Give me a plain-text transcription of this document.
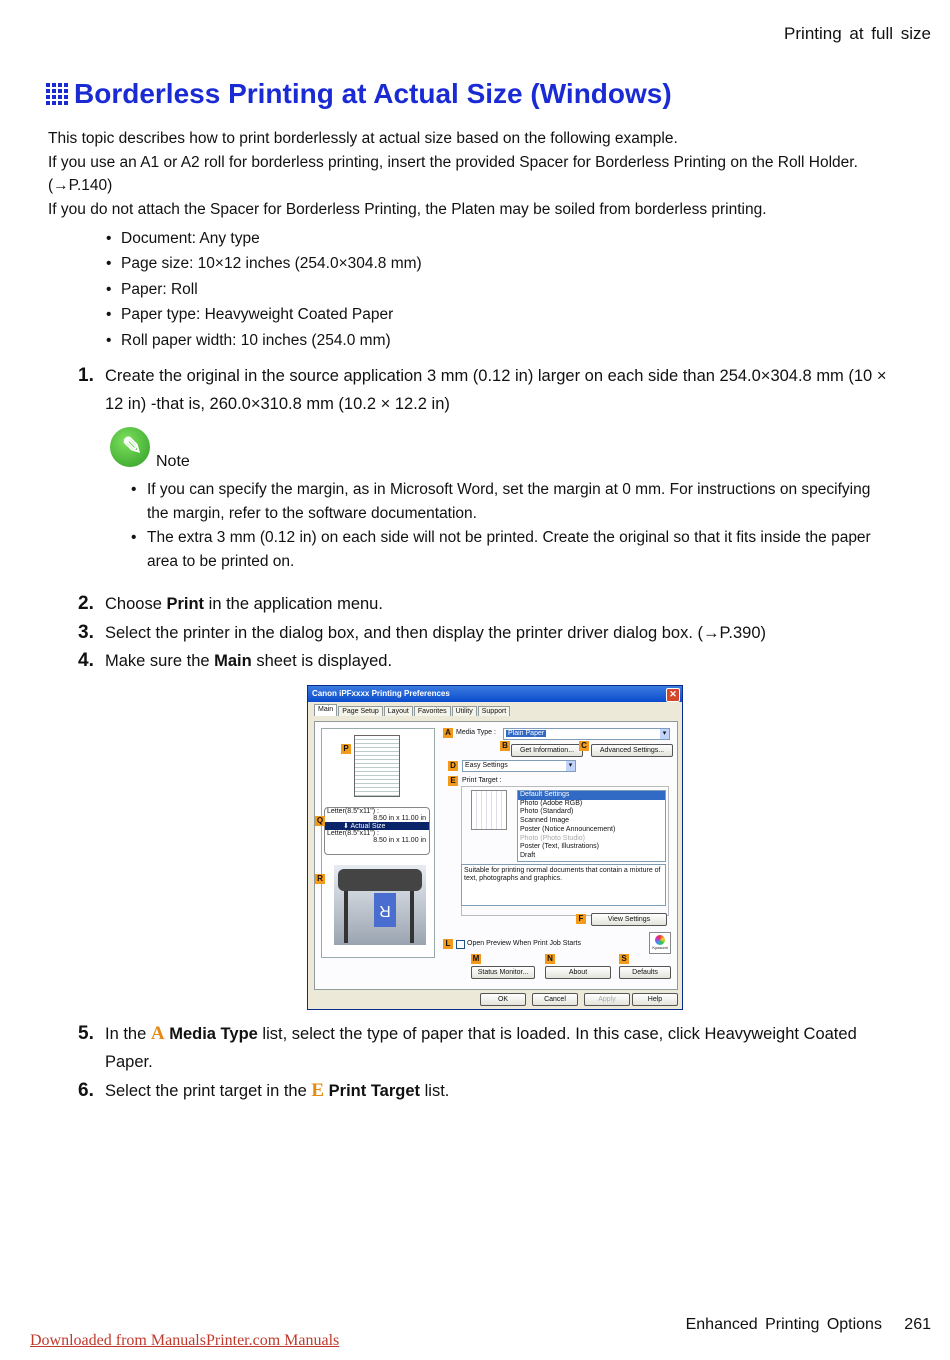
Printing at full size
Borderless Printing at Actual Size (Windows)

This topic describes how to print borderlessly at actual size based on the following example.

If you use an A1 or A2 roll for borderless printing, insert the provided Spacer for Borderless Printing on the Roll Holder. (→P.140)

If you do not attach the Spacer for Borderless Printing, the Platen may be soiled from borderless printing.

• Document: Any type
• Page size: 10×12 inches (254.0×304.8 mm)
• Paper: Roll
• Paper type: Heavyweight Coated Paper
• Roll paper width: 10 inches (254.0 mm)
1. Create the original in the source application 3 mm (0.12 in) larger on each side than 254.0×304.8 mm (10 × 12 in) -that is, 260.0×310.8 mm (10.2 × 12.2 in)
✎
Note
• If you can specify the margin, as in Microsoft Word, set the margin at 0 mm. For instructions on specifying the margin, refer to the software documentation.
• The extra 3 mm (0.12 in) on each side will not be printed. Create the original so that it fits inside the paper area to be printed on.
2. Choose Print in the application menu.
3. Select the printer in the dialog box, and then display the printer driver dialog box. (→P.390)
4. Make sure the Main sheet is displayed.
Canon iPFxxxx Printing Preferences	✕
Main	Page Setup	Layout	Favorites	Utility	Support
Letter(8.5"x11") :
8.50 in x 11.00 in
⬇ Actual Size
Letter(8.5"x11") :
8.50 in x 11.00 in
R
P
Q
R
A Media Type :	Plain Paper ▾
B
Get Information...
C
Advanced Settings...
D	Easy Settings ▾
E Print Target :
Default Settings
Photo (Adobe RGB)
Photo (Standard)
Scanned Image
Poster (Notice Announcement)
Photo (Photo Studio)
Poster (Text, Illustrations)
Draft
Suitable for printing normal documents that contain a mixture of text, photographs and graphics.
F	View Settings
L	Open Preview When Print Job Starts
Kyosumi
M
Status Monitor...
N
About
S
Defaults
OK	Cancel	Apply	Help
5. In the A Media Type list, select the type of paper that is loaded. In this case, click Heavyweight Coated Paper.
6. Select the print target in the E Print Target list.
Enhanced Printing Options 261
Downloaded from ManualsPrinter.com Manuals
